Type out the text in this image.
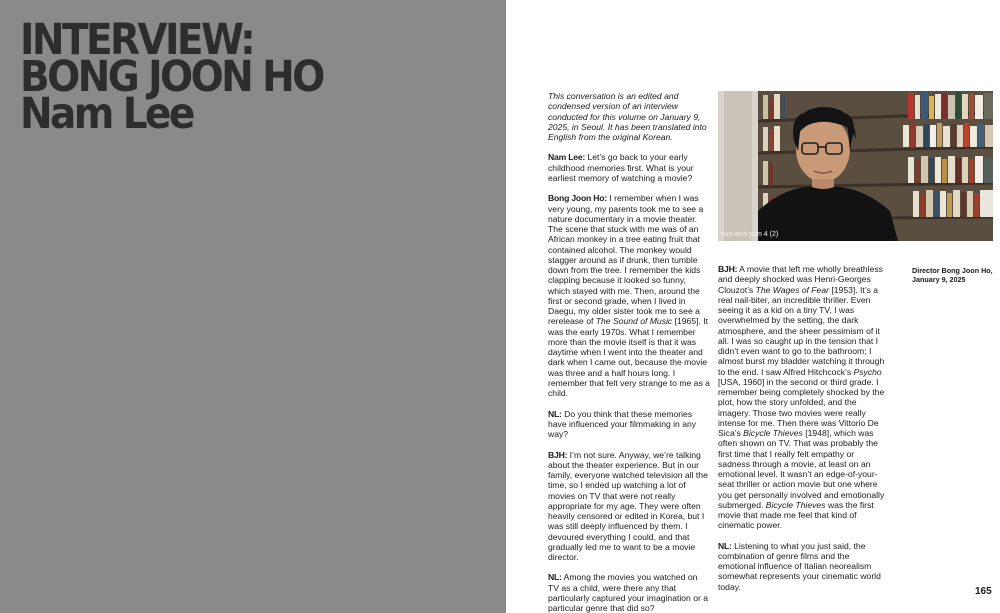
INTERVIEW:
BONG JOON HO
Nam Lee	This conversation is an edited and condensed version of an interview conducted for this volume on January 9, 2025, in Seoul. It has been translated into English from the original Korean.

Nam Lee: Let’s go back to your early childhood memories first. What is your earliest memory of watching a movie?

Bong Joon Ho: I remember when I was very young, my parents took me to see a nature documentary in a movie theater. The scene that stuck with me was of an African monkey in a tree eating fruit that contained alcohol. The monkey would stagger around as if drunk, then tumble down from the tree. I remember the kids clapping because it looked so funny, which stayed with me. Then, around the first or second grade, when I lived in Daegu, my older sister took me to see a rerelease of The Sound of Music [1965]. It was the early 1970s. What I remember more than the movie itself is that it was daytime when I went into the theater and dark when I came out, because the movie was three and a half hours long. I remember that felt very strange to me as a child.

NL: Do you think that these memories have influenced your filmmaking in any way?

BJH: I’m not sure. Anyway, we’re talking about the theater experience. But in our family, everyone watched television all the time, so I ended up watching a lot of movies on TV that were not really appropriate for my age. They were often heavily censored or edited in Korea, but I was still deeply influenced by them. I devoured everything I could, and that gradually led me to want to be a movie director.

NL: Among the movies you watched on TV as a child, were there any that particularly captured your imagination or a particular genre that did so?

sun-and-yom 4 (2)

BJH: A movie that left me wholly breathless and deeply shocked was Henri-Georges Clouzot’s The Wages of Fear [1953]. It’s a real nail-biter, an incredible thriller. Even seeing it as a kid on a tiny TV, I was overwhelmed by the setting, the dark atmosphere, and the sheer pessimism of it all. I was so caught up in the tension that I didn’t even want to go to the bathroom; I almost burst my bladder watching it through to the end. I saw Alfred Hitchcock’s Psycho [USA, 1960] in the second or third grade. I remember being completely shocked by the plot, how the story unfolded, and the imagery. Those two movies were really intense for me. Then there was Vittorio De Sica’s Bicycle Thieves [1948], which was often shown on TV. That was probably the first time that I really felt empathy or sadness through a movie, at least on an emotional level. It wasn’t an edge-of-your-seat thriller or action movie but one where you get personally involved and emotionally submerged. Bicycle Thieves was the first movie that made me feel that kind of cinematic power.

NL: Listening to what you just said, the combination of genre films and the emotional influence of Italian neorealism somewhat represents your cinematic world today.

Director Bong Joon Ho,
January 9, 2025
165
